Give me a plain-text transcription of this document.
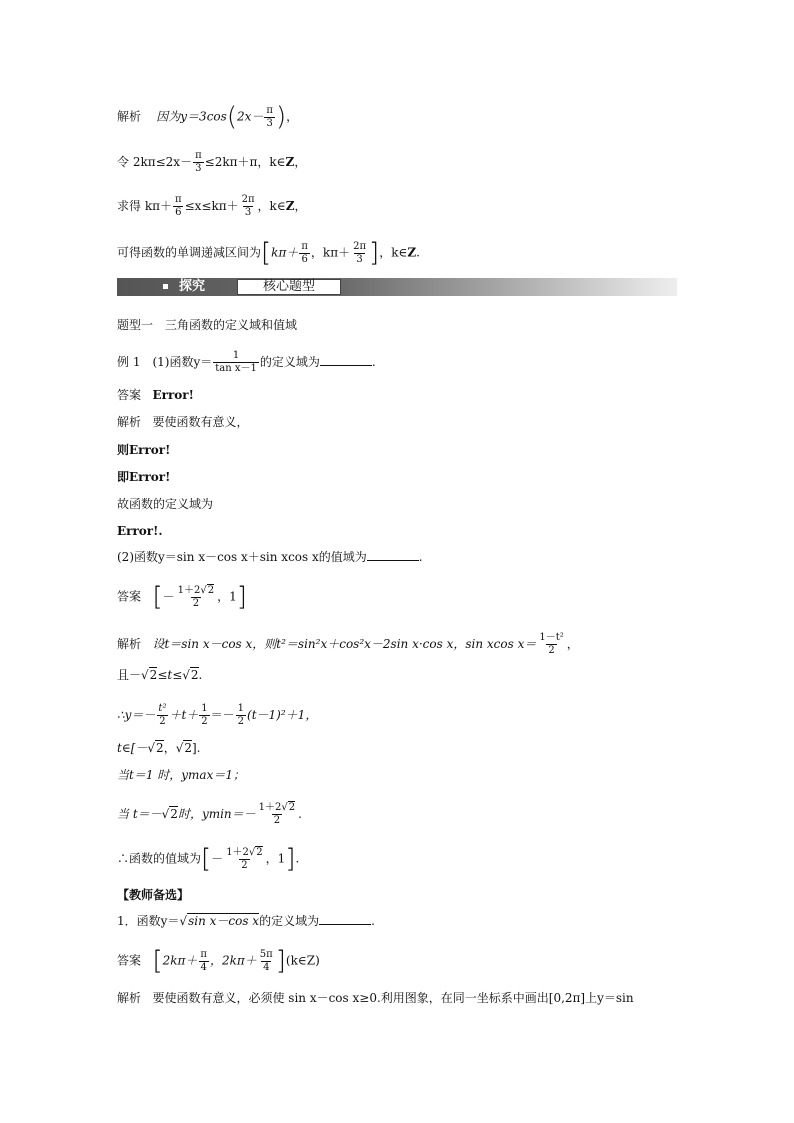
解析 因为$y=3\cos(2x- \frac{\pi}{3}$ )，
令 $2k\pi\le 2x- \frac{\pi}{3} \le 2k\pi+\pi$，k∈Z，
求得 $k\pi+ \frac{\pi}{6} \le x\le k\pi+ \frac{2\pi}{3}$ ，k∈Z，
可得函数的单调递减区间为[$k\pi+ \frac{\pi}{6}$ ，$k\pi+ \frac{2\pi}{3}$ ]，k∈Z.
探究	核心题型
题型一　三角函数的定义域和值域
例 1　(1)函数$y= \frac{1}{\text{tan x－1}}$ 的定义域为	.
答案 Error!
解析 要使函数有意义，
则Error!
即Error!
故函数的定义域为
Error!.
(2)函数y＝sin x－cos x＋sin xcos x的值域为	.
答案 [－ $\frac{1+2√2}{2}$ ，1]
解析 设t＝sin x－cos x，则t²＝sin²x＋cos²x－2sin x·cos x，sin xcos $x= \frac{\text{1－t²}}{2}$ ，
且－√2≤t≤√2.
∴y＝－ $\frac{\text{t²}}{2} +t+ \frac{1}{2} =- \frac{1}{2} (t-1)^2+1$，
t∈[－√2，√2].
当t＝1 时，ymax＝1；
当 t＝－√2时，$ymin=- \frac{1+2√2}{2}$ .
∴函数的值域为[－ $\frac{1+2√2}{2}$ ，1].
【教师备选】
1．函数y＝√sin x－cos x的定义域为	.
答案 [$2k\pi+ \frac{\pi}{4}$ ，$2k\pi+ \frac{5\pi}{4}$ ](k∈Z)
解析 要使函数有意义，必须使 sin x－cos x≥0.利用图象，在同一坐标系中画出[0,2π]上y＝sin
